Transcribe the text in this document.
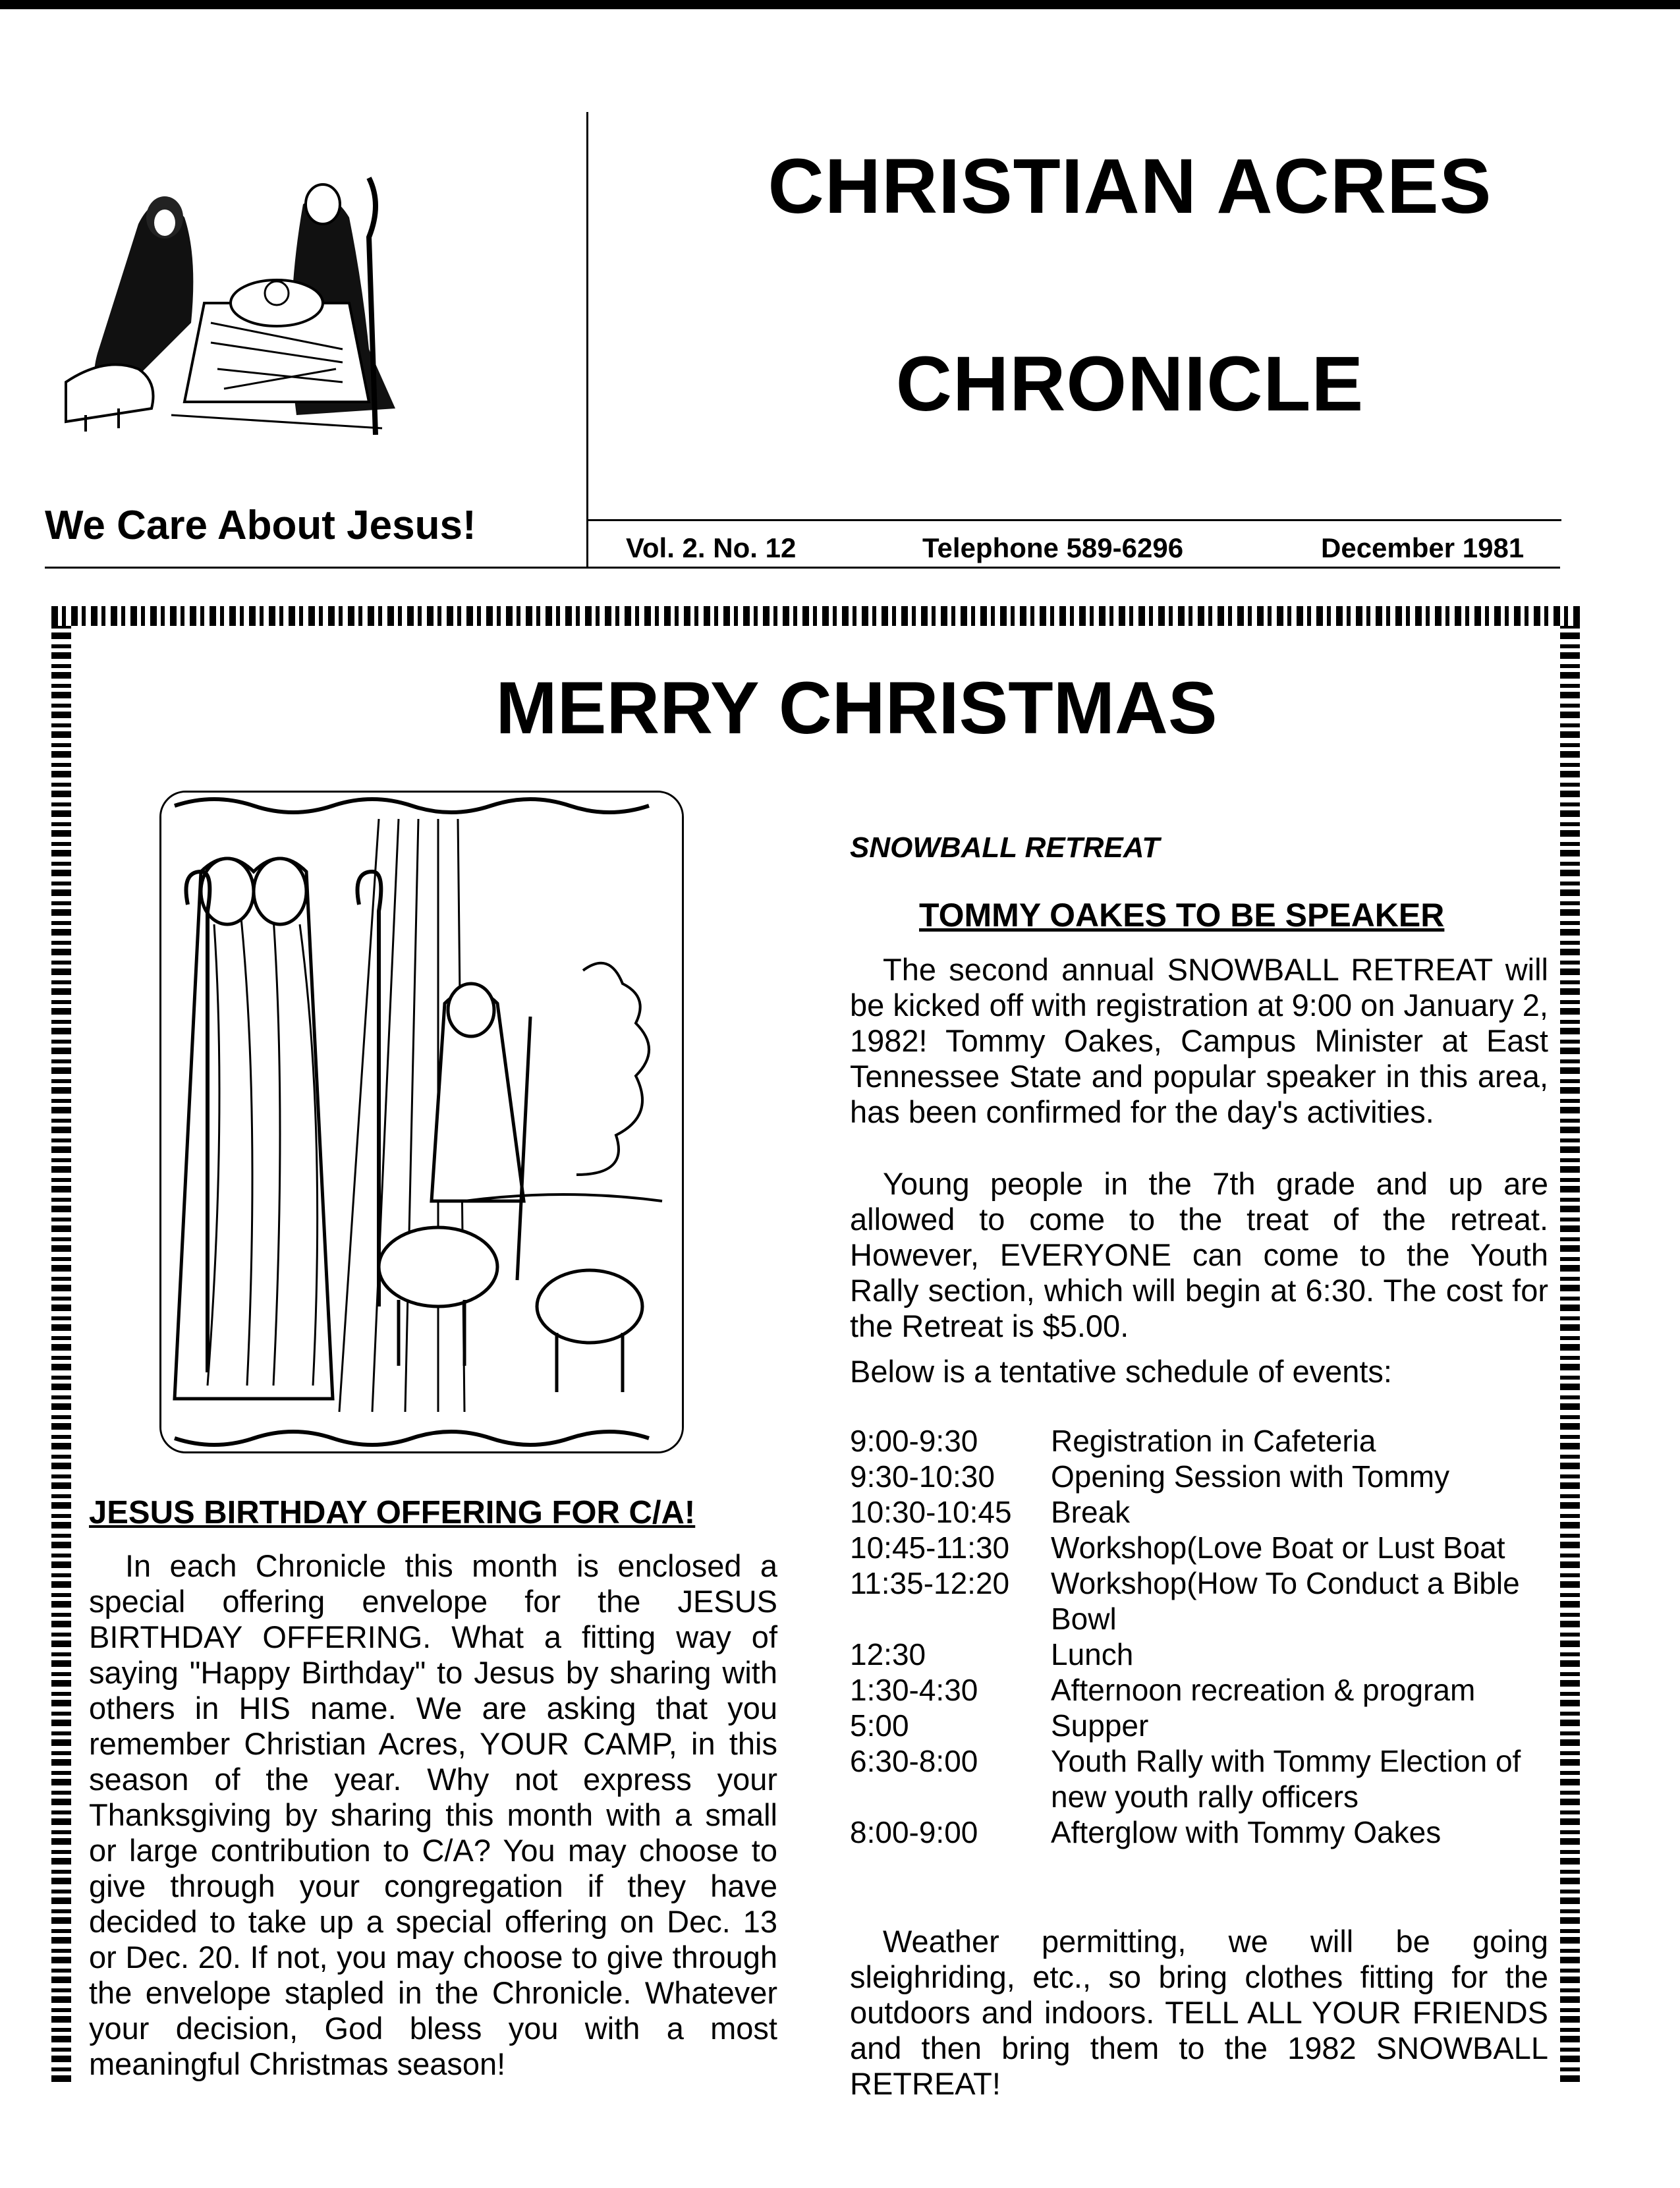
CHRISTIAN ACRES
CHRONICLE
We Care About Jesus!	Vol. 2. No. 12	Telephone 589-6296	December 1981
MERRY CHRISTMAS
JESUS BIRTHDAY OFFERING FOR C/A!
In each Chronicle this month is enclosed a special offering envelope for the JESUS BIRTHDAY OFFERING. What a fitting way of saying "Happy Birthday" to Jesus by sharing with others in HIS name. We are asking that you remember Christian Acres, YOUR CAMP, in this season of the year. Why not express your Thanksgiving by sharing this month with a small or large contribution to C/A? You may choose to give through your congregation if they have decided to take up a special offering on Dec. 13 or Dec. 20. If not, you may choose to give through the envelope stapled in the Chronicle. Whatever your decision, God bless you with a most meaningful Christmas season!
SNOWBALL RETREAT
TOMMY OAKES TO BE SPEAKER
The second annual SNOWBALL RETREAT will be kicked off with registration at 9:00 on January 2, 1982! Tommy Oakes, Campus Minister at East Tennessee State and popular speaker in this area, has been confirmed for the day's activities.
Young people in the 7th grade and up are allowed to come to the treat of the retreat. However, EVERYONE can come to the Youth Rally section, which will begin at 6:30. The cost for the Retreat is $5.00.
Below is a tentative schedule of events:
9:00-9:30	Registration in Cafeteria
9:30-10:30	Opening Session with Tommy
10:30-10:45	Break
10:45-11:30	Workshop(Love Boat or Lust Boat
11:35-12:20	Workshop(How To Conduct a Bible Bowl
12:30	Lunch
1:30-4:30	Afternoon recreation & program
5:00	Supper
6:30-8:00	Youth Rally with Tommy Election of new youth rally officers
8:00-9:00	Afterglow with Tommy Oakes
Weather permitting, we will be going sleighriding, etc., so bring clothes fitting for the outdoors and indoors. TELL ALL YOUR FRIENDS and then bring them to the 1982 SNOWBALL RETREAT!
